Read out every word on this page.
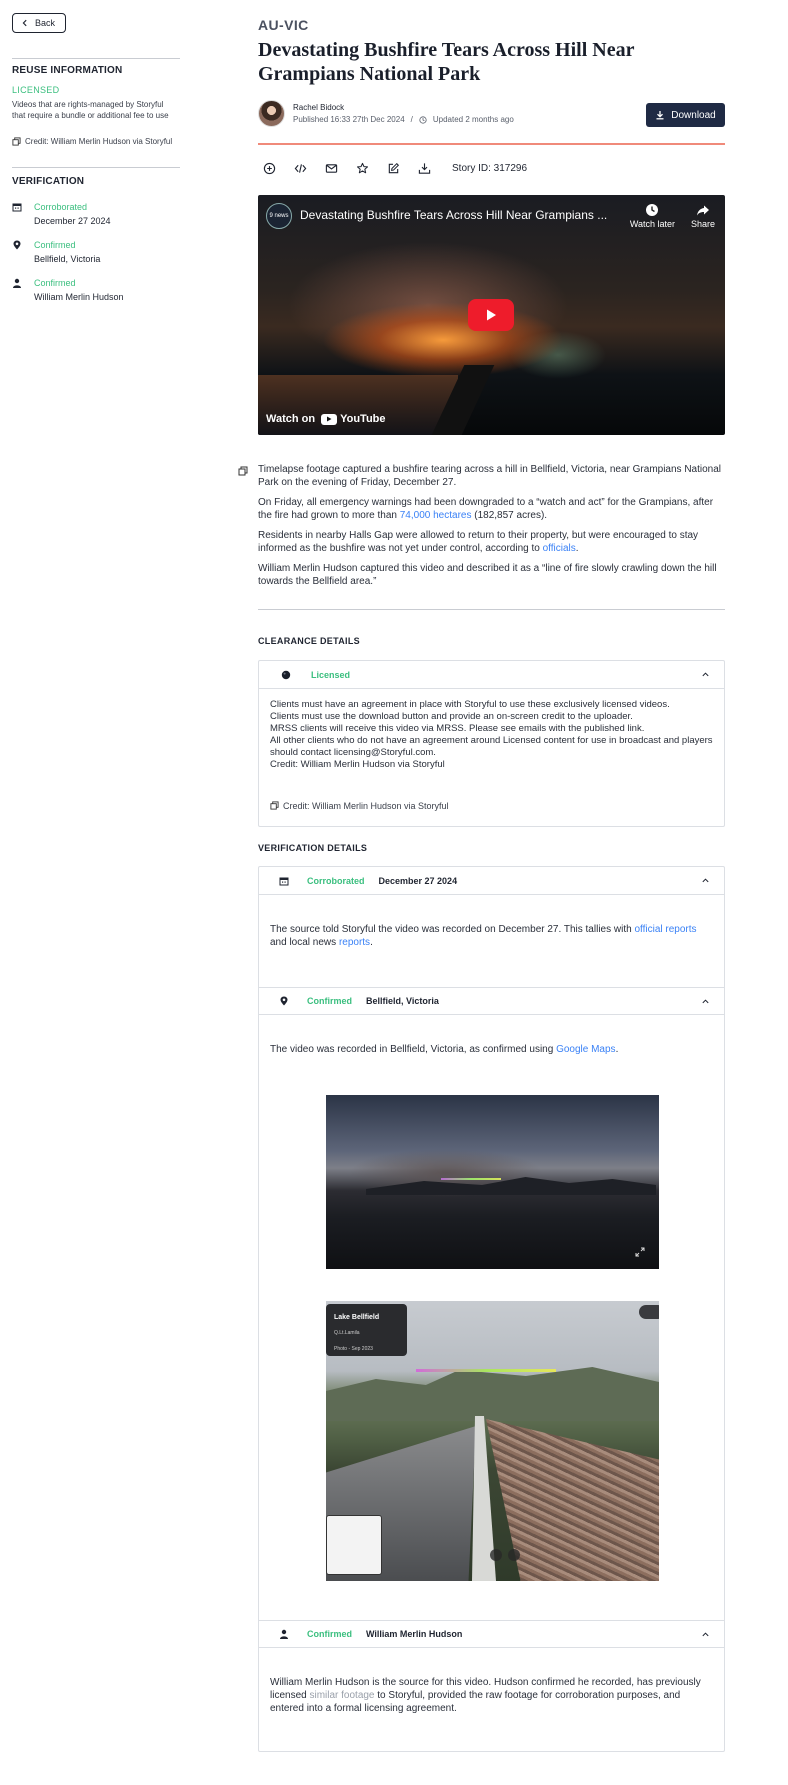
Back
REUSE INFORMATION
LICENSED
Videos that are rights-managed by Storyful that require a bundle or additional fee to use
Credit: William Merlin Hudson via Storyful
VERIFICATION
Corroborated
December 27 2024
Confirmed
Bellfield, Victoria
Confirmed
William Merlin Hudson
AU-VIC
Devastating Bushfire Tears Across Hill Near Grampians National Park
Rachel Bidock
Published 16:33 27th Dec 2024 /	Updated 2 months ago	Download
Story ID: 317296
9 news Devastating Bushfire Tears Across Hill Near Grampians ...
Watch later Share
Watch on YouTube

Timelapse footage captured a bushfire tearing across a hill in Bellfield, Victoria, near Grampians National Park on the evening of Friday, December 27.

On Friday, all emergency warnings had been downgraded to a “watch and act” for the Grampians, after the fire had grown to more than 74,000 hectares (182,857 acres).

Residents in nearby Halls Gap were allowed to return to their property, but were encouraged to stay informed as the bushfire was not yet under control, according to officials.

William Merlin Hudson captured this video and described it as a “line of fire slowly crawling down the hill towards the Bellfield area.”

CLEARANCE DETAILS
Licensed
Clients must have an agreement in place with Storyful to use these exclusively licensed videos.
Clients must use the download button and provide an on-screen credit to the uploader.
MRSS clients will receive this video via MRSS. Please see emails with the published link.
All other clients who do not have an agreement around Licensed content for use in broadcast and players should contact licensing@Storyful.com.
Credit: William Merlin Hudson via Storyful
Credit: William Merlin Hudson via Storyful
VERIFICATION DETAILS
Corroborated December 27 2024
The source told Storyful the video was recorded on December 27. This tallies with official reports and local news reports.
Confirmed Bellfield, Victoria
The video was recorded in Bellfield, Victoria, as confirmed using Google Maps.
Lake Bellfield
Q.Lt.Lamila
Photo - Sep 2023
Confirmed William Merlin Hudson
William Merlin Hudson is the source for this video. Hudson confirmed he recorded, has previously licensed similar footage to Storyful, provided the raw footage for corroboration purposes, and entered into a formal licensing agreement.
